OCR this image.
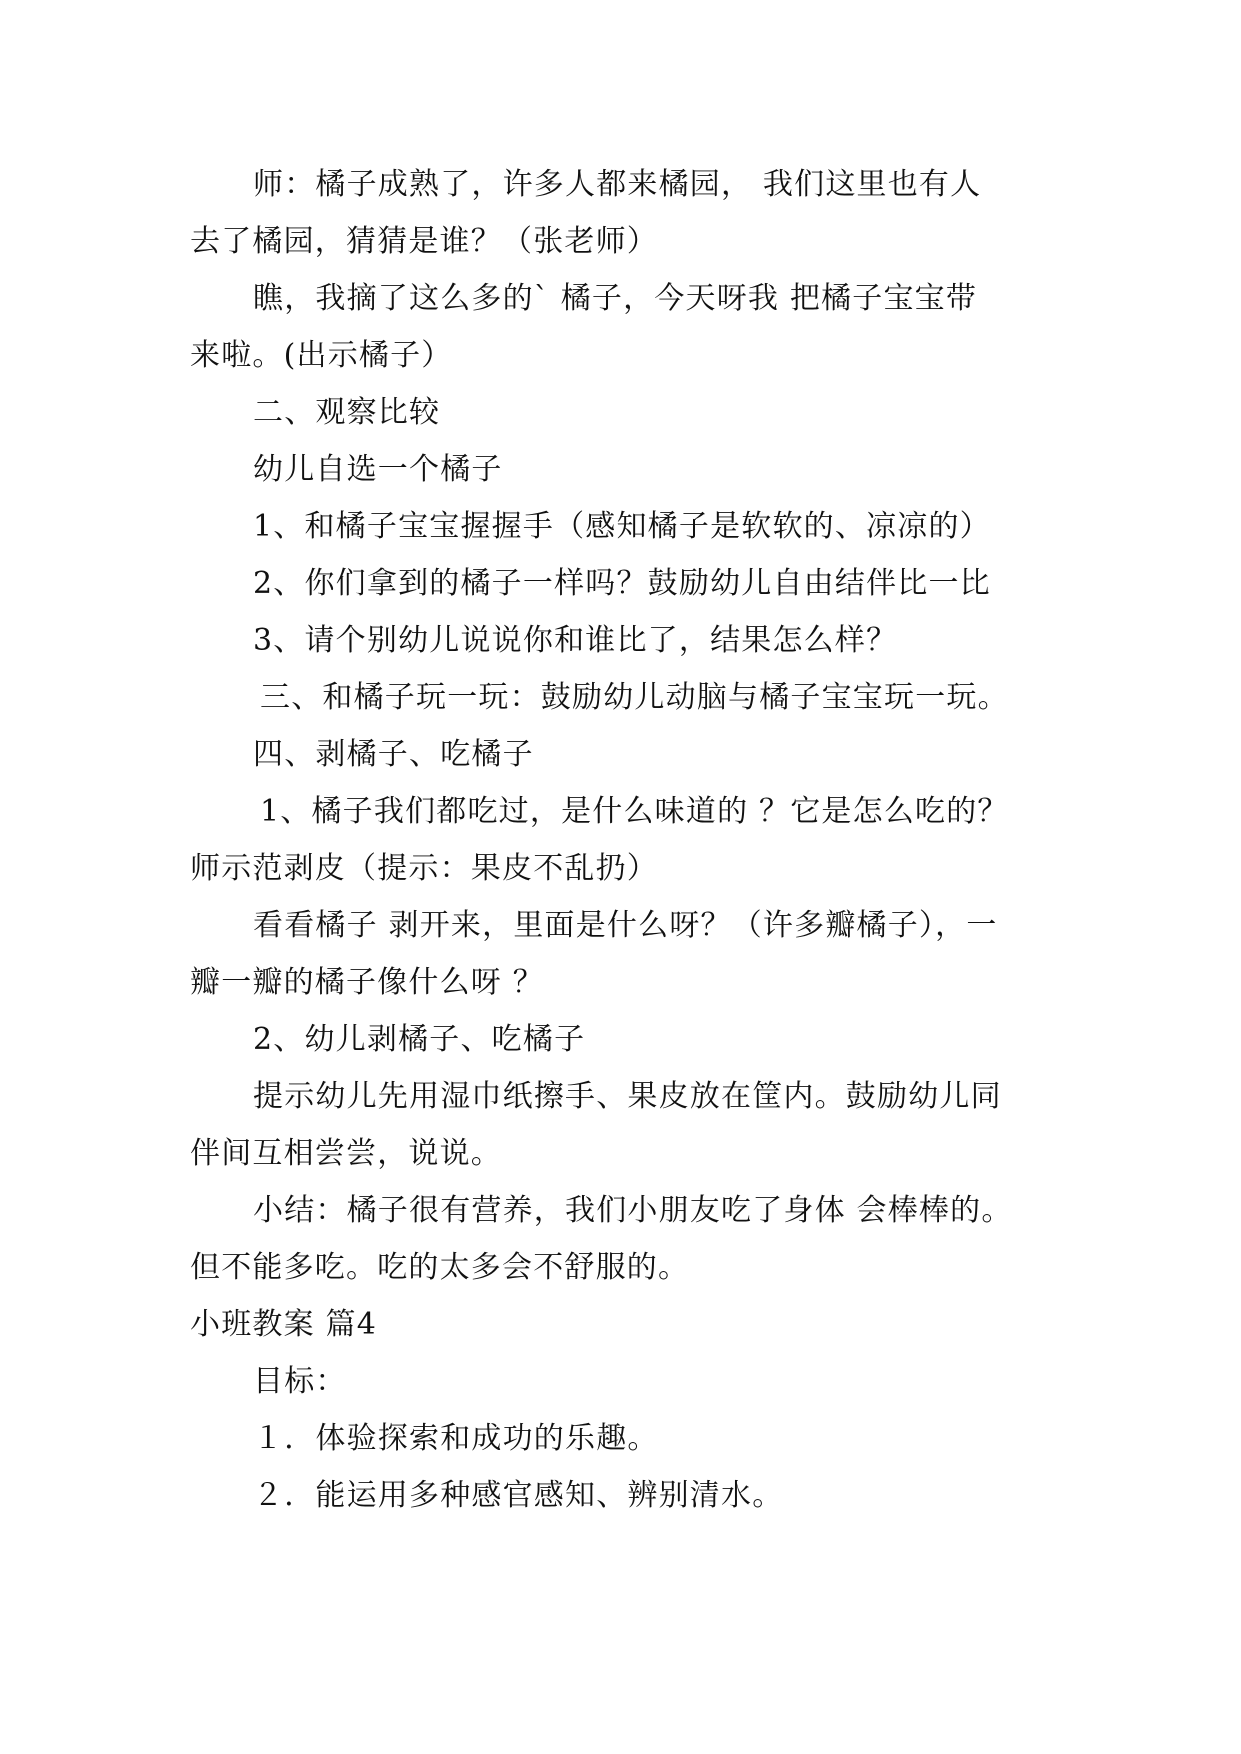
师：橘子成熟了，许多人都来橘园， 我们这里也有人
去了橘园，猜猜是谁？（张老师）
瞧，我摘了这么多的` 橘子，今天呀我 把橘子宝宝带
来啦。(出示橘子）
二、观察比较
幼儿自选一个橘子
1、和橘子宝宝握握手（感知橘子是软软的、凉凉的）
2、你们拿到的橘子一样吗？鼓励幼儿自由结伴比一比
3、请个别幼儿说说你和谁比了，结果怎么样？
三、和橘子玩一玩：鼓励幼儿动脑与橘子宝宝玩一玩。
四、剥橘子、吃橘子
1、橘子我们都吃过，是什么味道的 ？它是怎么吃的？
师示范剥皮（提示：果皮不乱扔）
看看橘子 剥开来，里面是什么呀？（许多瓣橘子），一
瓣一瓣的橘子像什么呀 ？
2、幼儿剥橘子、吃橘子
提示幼儿先用湿巾纸擦手、果皮放在筐内。鼓励幼儿同
伴间互相尝尝，说说。
小结：橘子很有营养，我们小朋友吃了身体 会棒棒的。
但不能多吃。吃的太多会不舒服的。
小班教案 篇4
目标：
１．体验探索和成功的乐趣。
２．能运用多种感官感知、辨别清水。
